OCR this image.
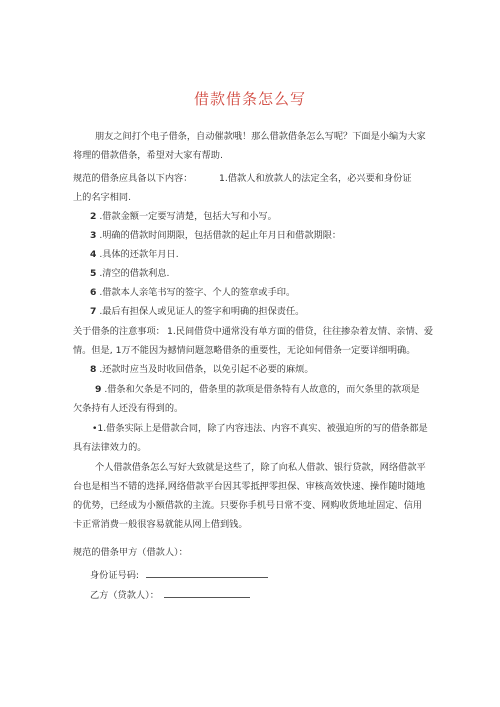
借款借条怎么写
朋友之间打个电子借条，自动催款哦！那么借款借条怎么写呢？下面是小编为大家
将理的借款借条，希望对大家有帮助.
规范的借条应具备以下内容：	1.借款人和放款人的法定全名，必兴要和身份证
上的名字相同.
2 .借款金额一定要写清楚，包括大写和小写。
3 .明确的借款时间期限，包括借款的起止年月日和借款期限：
4 .具体的还款年月日.
5 .清空的借款利息.
6 .借款本人亲笔书写的签字、个人的签章或手印。
7 .最后有担保人或见证人的签字和明确的担保责任。
关于借条的注意事项： 1.民间借贷中通常没有单方面的借贷，往往掺杂着友情、亲情、爱
情。但是, 1万不能因为撼情问题忽略借条的重要性，无论如何借条一定要详细明确。
8 .还款时应当及时收回借条，以免引起不必要的麻烦。
9 .借条和欠条是不同的，借条里的款项是借条特有人故意的，而欠条里的款项是
欠条持有人还没有得到的。
•1.借条实际上是借款合同，除了内容违法、内容不真实、被强迫所的写的借条都是
具有法律效力的。
个人借款借条怎么写好大致就是这些了，除了向私人借款、银行贷款，网络借款平
台也是相当不错的选择,网络借款平台因其零抵押零担保、审核高效快速、操作随时随地
的优势，已经成为小额借款的主流。只要你手机号日常不变、网购收货地址固定、信用
卡正常消费一般很容易就能从网上借到钱。
规范的借条甲方（借款人）：
身份证号码:
乙方（贷款人）：
